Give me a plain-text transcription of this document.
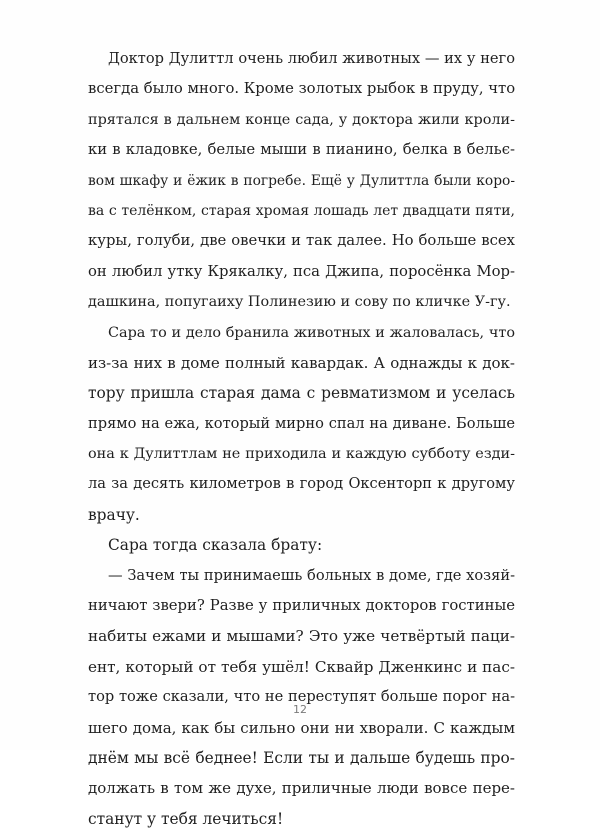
Доктор Дулиттл очень любил животных — их у него
всегда было много. Кроме золотых рыбок в пруду, что
прятался в дальнем конце сада, у доктора жили кроли-
ки в кладовке, белые мыши в пианино, белка в бельє-
вом шкафу и ёжик в погребе. Ещё у Дулиттла были коро-
ва с телёнком, старая хромая лошадь лет двадцати пяти,
куры, голуби, две овечки и так далее. Но больше всех
он любил утку Крякалку, пса Джипа, поросёнка Мор-
дашкина, попугаиху Полинезию и сову по кличке У-гу.
Сара то и дело бранила животных и жаловалась, что
из-за них в доме полный кавардак. А однажды к док-
тору пришла старая дама с ревматизмом и уселась
прямо на ежа, который мирно спал на диване. Больше
она к Дулиттлам не приходила и каждую субботу езди-
ла за десять километров в город Оксенторп к другому
врачу.
Сара тогда сказала брату:
— Зачем ты принимаешь больных в доме, где хозяй-
ничают звери? Разве у приличных докторов гостиные
набиты ежами и мышами? Это уже четвёртый паци-
ент, который от тебя ушёл! Сквайр Дженкинс и пас-
тор тоже сказали, что не переступят больше порог на-
шего дома, как бы сильно они ни хворали. С каждым
днём мы всё беднее! Если ты и дальше будешь про-
должать в том же духе, приличные люди вовсе пере-
станут у тебя лечиться!
12
